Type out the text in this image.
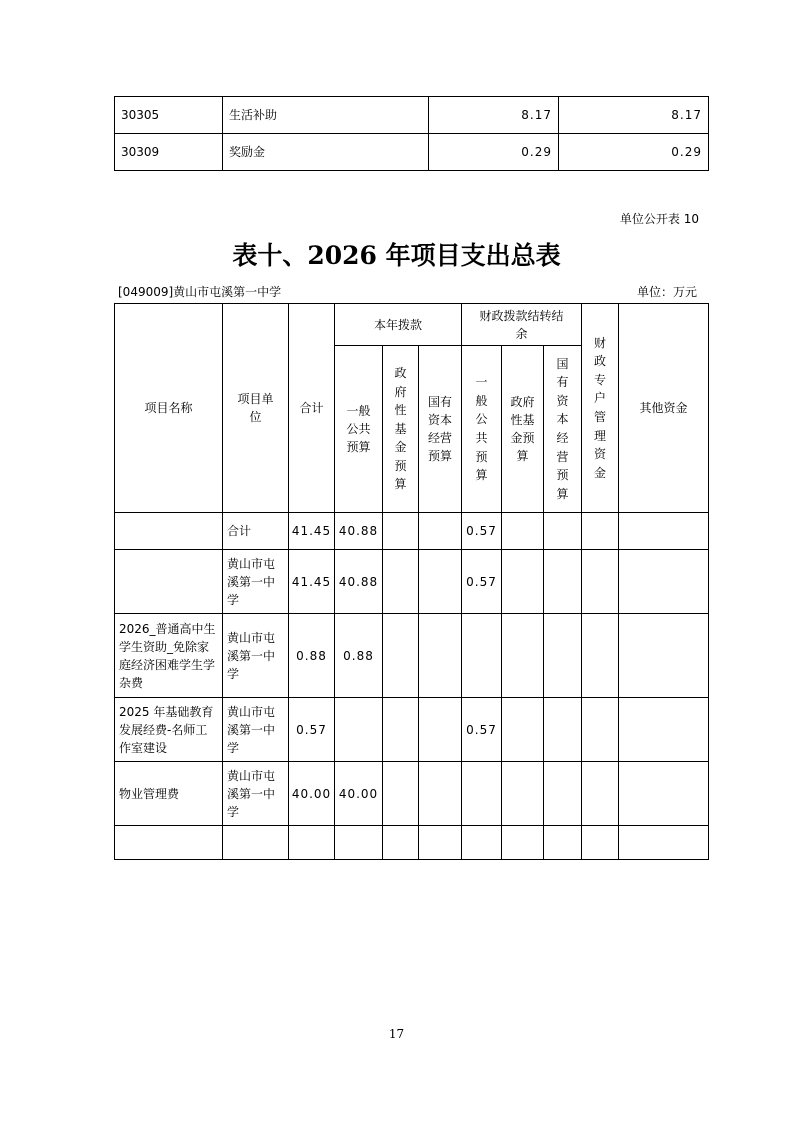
30305	生活补助	8.17	8.17
30309	奖励金	0.29	0.29
单位公开表 10
表十、2026 年项目支出总表
[049009]黄山市屯溪第一中学	单位：万元
项目名称	项目单位	合计	本年拨款			财政拨款结转结余			财政专户管理资金	其他资金

			一般公共预算	政府性基金预算	国有资本经营预算	一般公共预算	政府性基金预算	国有资本经营预算		

	合计	41.45	40.88			0.57				
	黄山市屯溪第一中学	41.45	40.88			0.57				
2026_普通高中生学生资助_免除家庭经济困难学生学杂费	黄山市屯溪第一中学	0.88	0.88							
2025 年基础教育发展经费-名师工作室建设	黄山市屯溪第一中学	0.57				0.57				
物业管理费	黄山市屯溪第一中学	40.00	40.00							

17
